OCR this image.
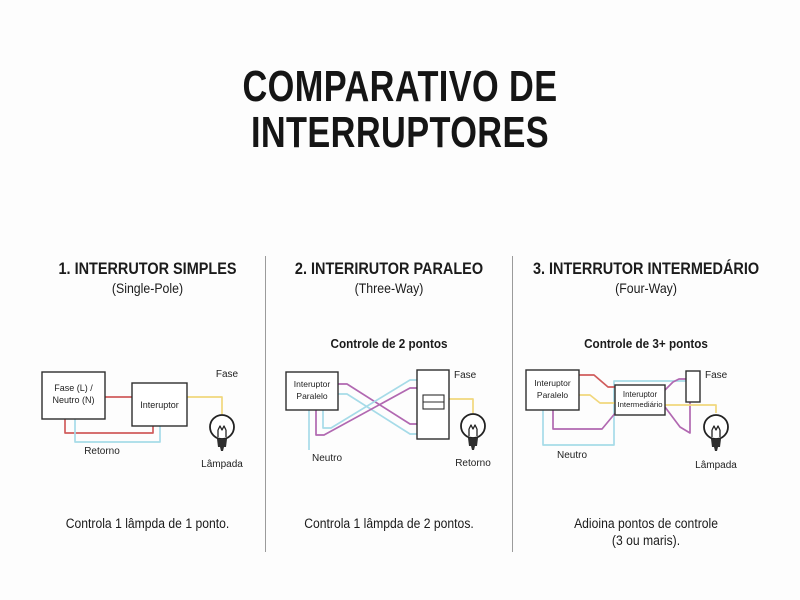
COMPARATIVO DE
INTERRUPTORES
1. INTERRUTOR SIMPLES
(Single-Pole)
Fase (L) /
Neutro (N)	Interuptor
Fase
Retorno
Lâmpada
Controla 1 lâmpda de 1 ponto.
2. INTERIRUTOR PARALEO
(Three-Way)
Controle de 2 pontos
Interuptor
Paralelo
Fase
Neutro	Retorno
Controla 1 lâmpda de 2 pontos.
3. INTERRUTOR INTERMEDÁRIO
(Four-Way)
Controle de 3+ pontos
Interuptor
Paralelo	Interuptor
Intermediário
Fase
Neutro
Lâmpada
Adioina pontos de controle
(3 ou maris).
